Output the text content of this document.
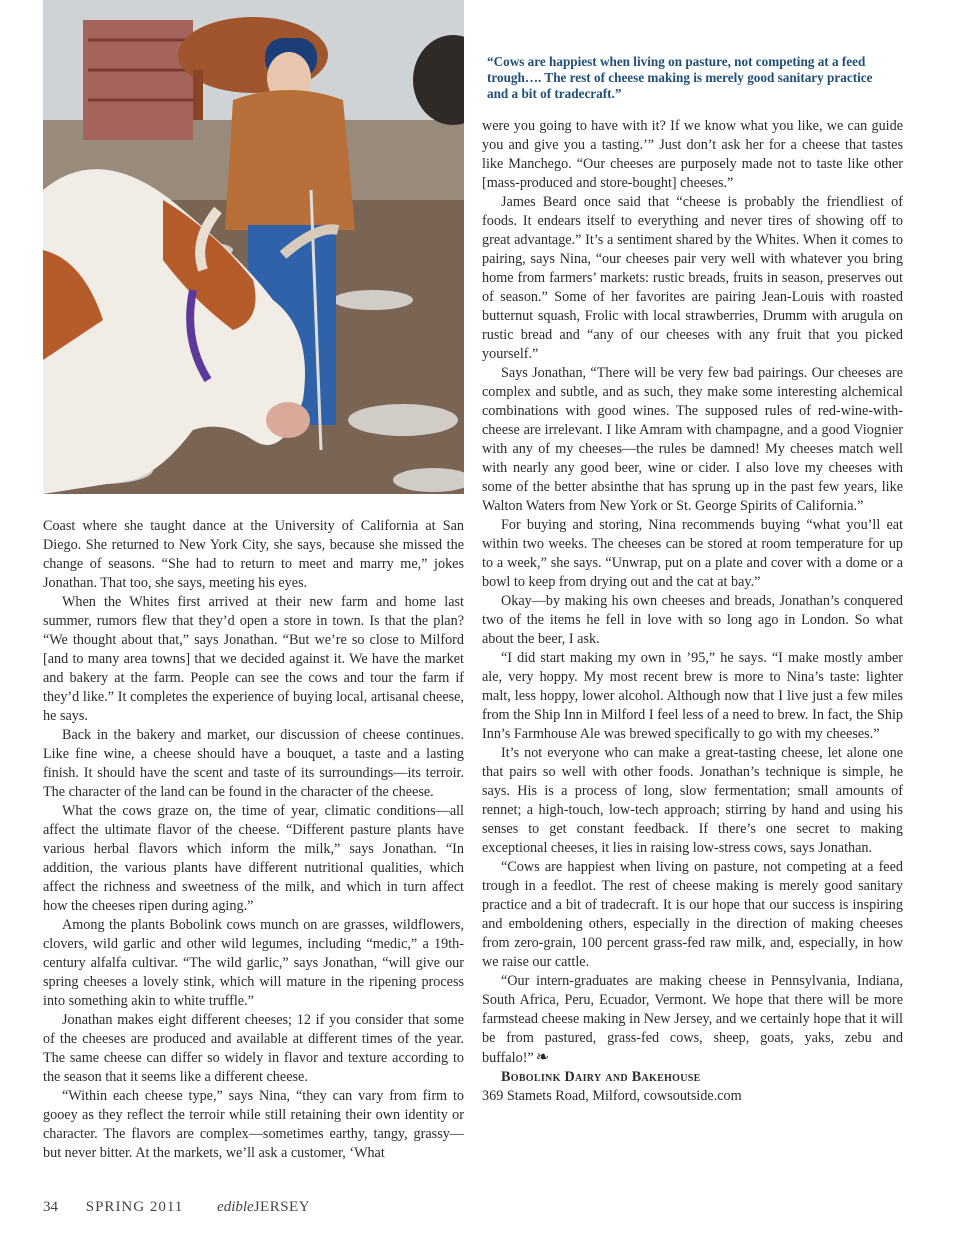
“Cows are happiest when living on pasture, not competing at a feed trough…. The rest of cheese making is merely good sanitary practice and a bit of tradecraft.”

Coast where she taught dance at the University of California at San Diego. She returned to New York City, she says, because she missed the change of seasons. “She had to return to meet and marry me,” jokes Jonathan. That too, she says, meeting his eyes.

When the Whites first arrived at their new farm and home last summer, rumors flew that they’d open a store in town. Is that the plan? “We thought about that,” says Jonathan. “But we’re so close to Milford [and to many area towns] that we decided against it. We have the market and bakery at the farm. People can see the cows and tour the farm if they’d like.” It completes the experience of buying local, artisanal cheese, he says.

Back in the bakery and market, our discussion of cheese continues. Like fine wine, a cheese should have a bouquet, a taste and a lasting finish. It should have the scent and taste of its surroundings—its terroir. The character of the land can be found in the character of the cheese.

What the cows graze on, the time of year, climatic conditions—all affect the ultimate flavor of the cheese. “Different pasture plants have various herbal flavors which inform the milk,” says Jonathan. “In addition, the various plants have different nutritional qualities, which affect the richness and sweetness of the milk, and which in turn affect how the cheeses ripen during aging.”

Among the plants Bobolink cows munch on are grasses, wildflowers, clovers, wild garlic and other wild legumes, including “medic,” a 19th-century alfalfa cultivar. “The wild garlic,” says Jonathan, “will give our spring cheeses a lovely stink, which will mature in the ripening process into something akin to white truffle.”

Jonathan makes eight different cheeses; 12 if you consider that some of the cheeses are produced and available at different times of the year. The same cheese can differ so widely in flavor and texture according to the season that it seems like a different cheese.

“Within each cheese type,” says Nina, “they can vary from firm to gooey as they reflect the terroir while still retaining their own identity or character. The flavors are complex—sometimes earthy, tangy, grassy—but never bitter. At the markets, we’ll ask a customer, ‘What

were you going to have with it? If we know what you like, we can guide you and give you a tasting.’” Just don’t ask her for a cheese that tastes like Manchego. “Our cheeses are purposely made not to taste like other [mass-produced and store-bought] cheeses.”

James Beard once said that “cheese is probably the friendliest of foods. It endears itself to everything and never tires of showing off to great advantage.” It’s a sentiment shared by the Whites. When it comes to pairing, says Nina, “our cheeses pair very well with whatever you bring home from farmers’ markets: rustic breads, fruits in season, preserves out of season.” Some of her favorites are pairing Jean-Louis with roasted butternut squash, Frolic with local strawberries, Drumm with arugula on rustic bread and “any of our cheeses with any fruit that you picked yourself.”

Says Jonathan, “There will be very few bad pairings. Our cheeses are complex and subtle, and as such, they make some interesting alchemical combinations with good wines. The supposed rules of red-wine-with-cheese are irrelevant. I like Amram with champagne, and a good Viognier with any of my cheeses—the rules be damned! My cheeses match well with nearly any good beer, wine or cider. I also love my cheeses with some of the better absinthe that has sprung up in the past few years, like Walton Waters from New York or St. George Spirits of California.”

For buying and storing, Nina recommends buying “what you’ll eat within two weeks. The cheeses can be stored at room temperature for up to a week,” she says. “Unwrap, put on a plate and cover with a dome or a bowl to keep from drying out and the cat at bay.”

Okay—by making his own cheeses and breads, Jonathan’s conquered two of the items he fell in love with so long ago in London. So what about the beer, I ask.

“I did start making my own in ’95,” he says. “I make mostly amber ale, very hoppy. My most recent brew is more to Nina’s taste: lighter malt, less hoppy, lower alcohol. Although now that I live just a few miles from the Ship Inn in Milford I feel less of a need to brew. In fact, the Ship Inn’s Farmhouse Ale was brewed specifically to go with my cheeses.”

It’s not everyone who can make a great-tasting cheese, let alone one that pairs so well with other foods. Jonathan’s technique is simple, he says. His is a process of long, slow fermentation; small amounts of rennet; a high-touch, low-tech approach; stirring by hand and using his senses to get constant feedback. If there’s one secret to making exceptional cheeses, it lies in raising low-stress cows, says Jonathan.

“Cows are happiest when living on pasture, not competing at a feed trough in a feedlot. The rest of cheese making is merely good sanitary practice and a bit of tradecraft. It is our hope that our success is inspiring and emboldening others, especially in the direction of making cheeses from zero-grain, 100 percent grass-fed raw milk, and, especially, in how we raise our cattle.

“Our intern-graduates are making cheese in Pennsylvania, Indiana, South Africa, Peru, Ecuador, Vermont. We hope that there will be more farmstead cheese making in New Jersey, and we certainly hope that it will be from pastured, grass-fed cows, sheep, goats, yaks, zebu and buffalo!” ❧

Bobolink Dairy and Bakehouse

369 Stamets Road, Milford, cowsoutside.com

34 SPRING 2011 edibleJERSEY
